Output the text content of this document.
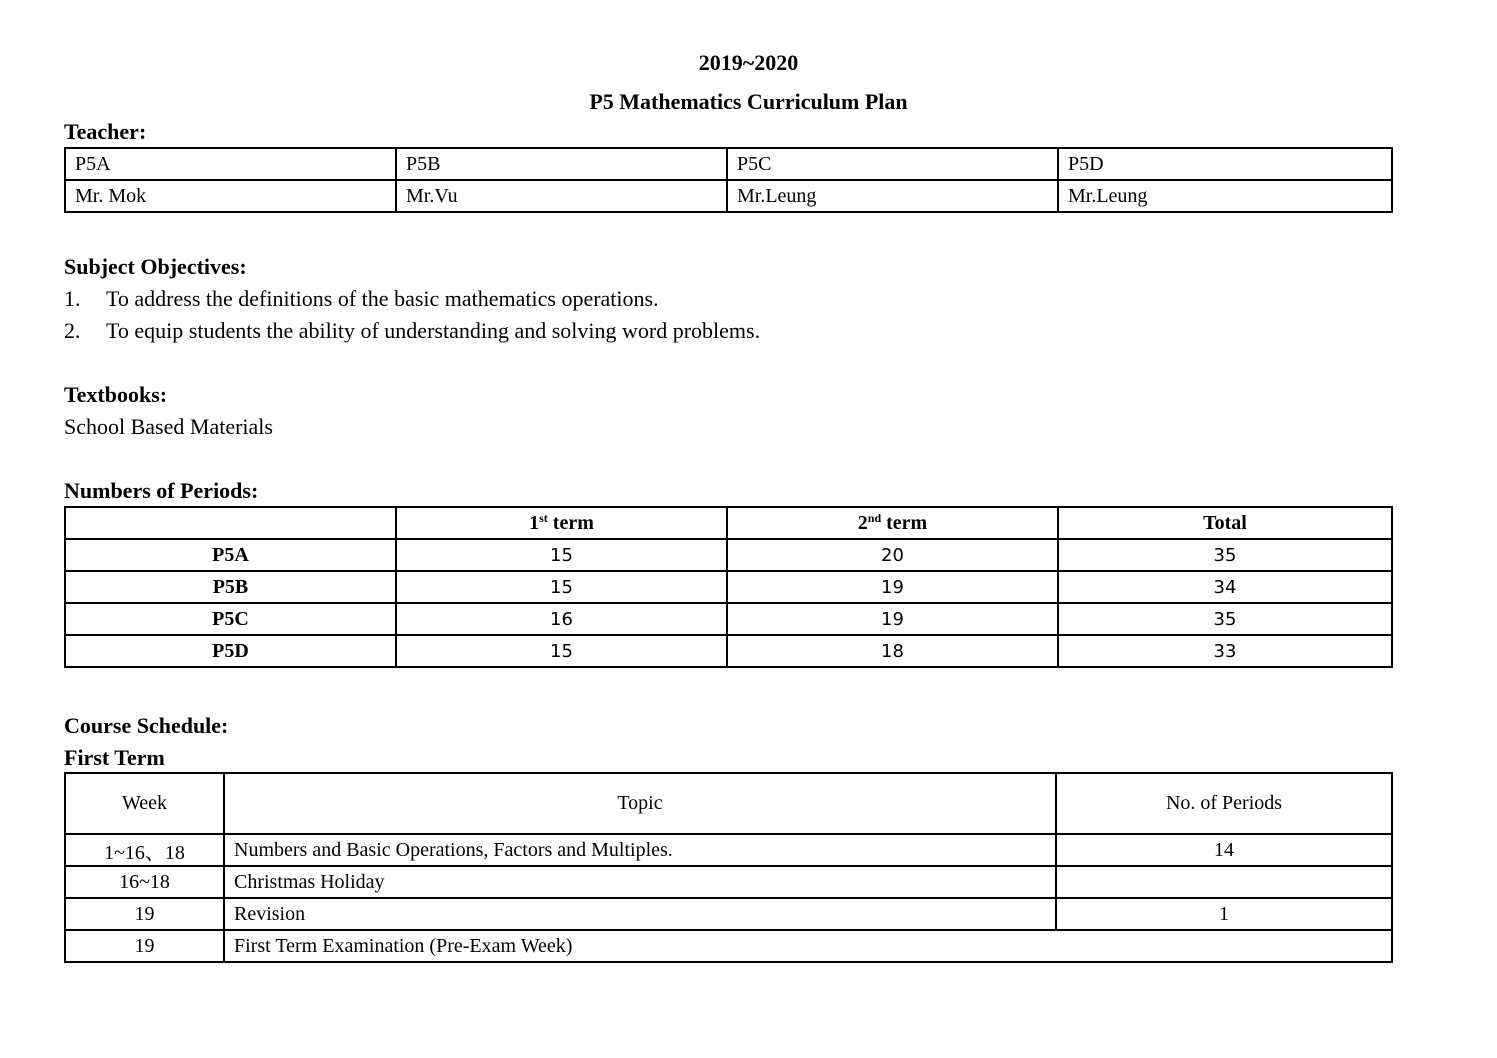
2019~2020
P5 Mathematics Curriculum Plan
Teacher:
P5A	P5B	P5C	P5D
Mr. Mok	Mr.Vu	Mr.Leung	Mr.Leung
Subject Objectives:
1. To address the definitions of the basic mathematics operations.
2. To equip students the ability of understanding and solving word problems.
Textbooks:
School Based Materials
Numbers of Periods:
	1st term	2nd term	Total
P5A	15	20	35
P5B	15	19	34
P5C	16	19	35
P5D	15	18	33
Course Schedule:
First Term
Week	Topic	No. of Periods
1~16、18	Numbers and Basic Operations, Factors and Multiples.	14
16~18	Christmas Holiday	
19	Revision	1
19	First Term Examination (Pre-Exam Week)	
